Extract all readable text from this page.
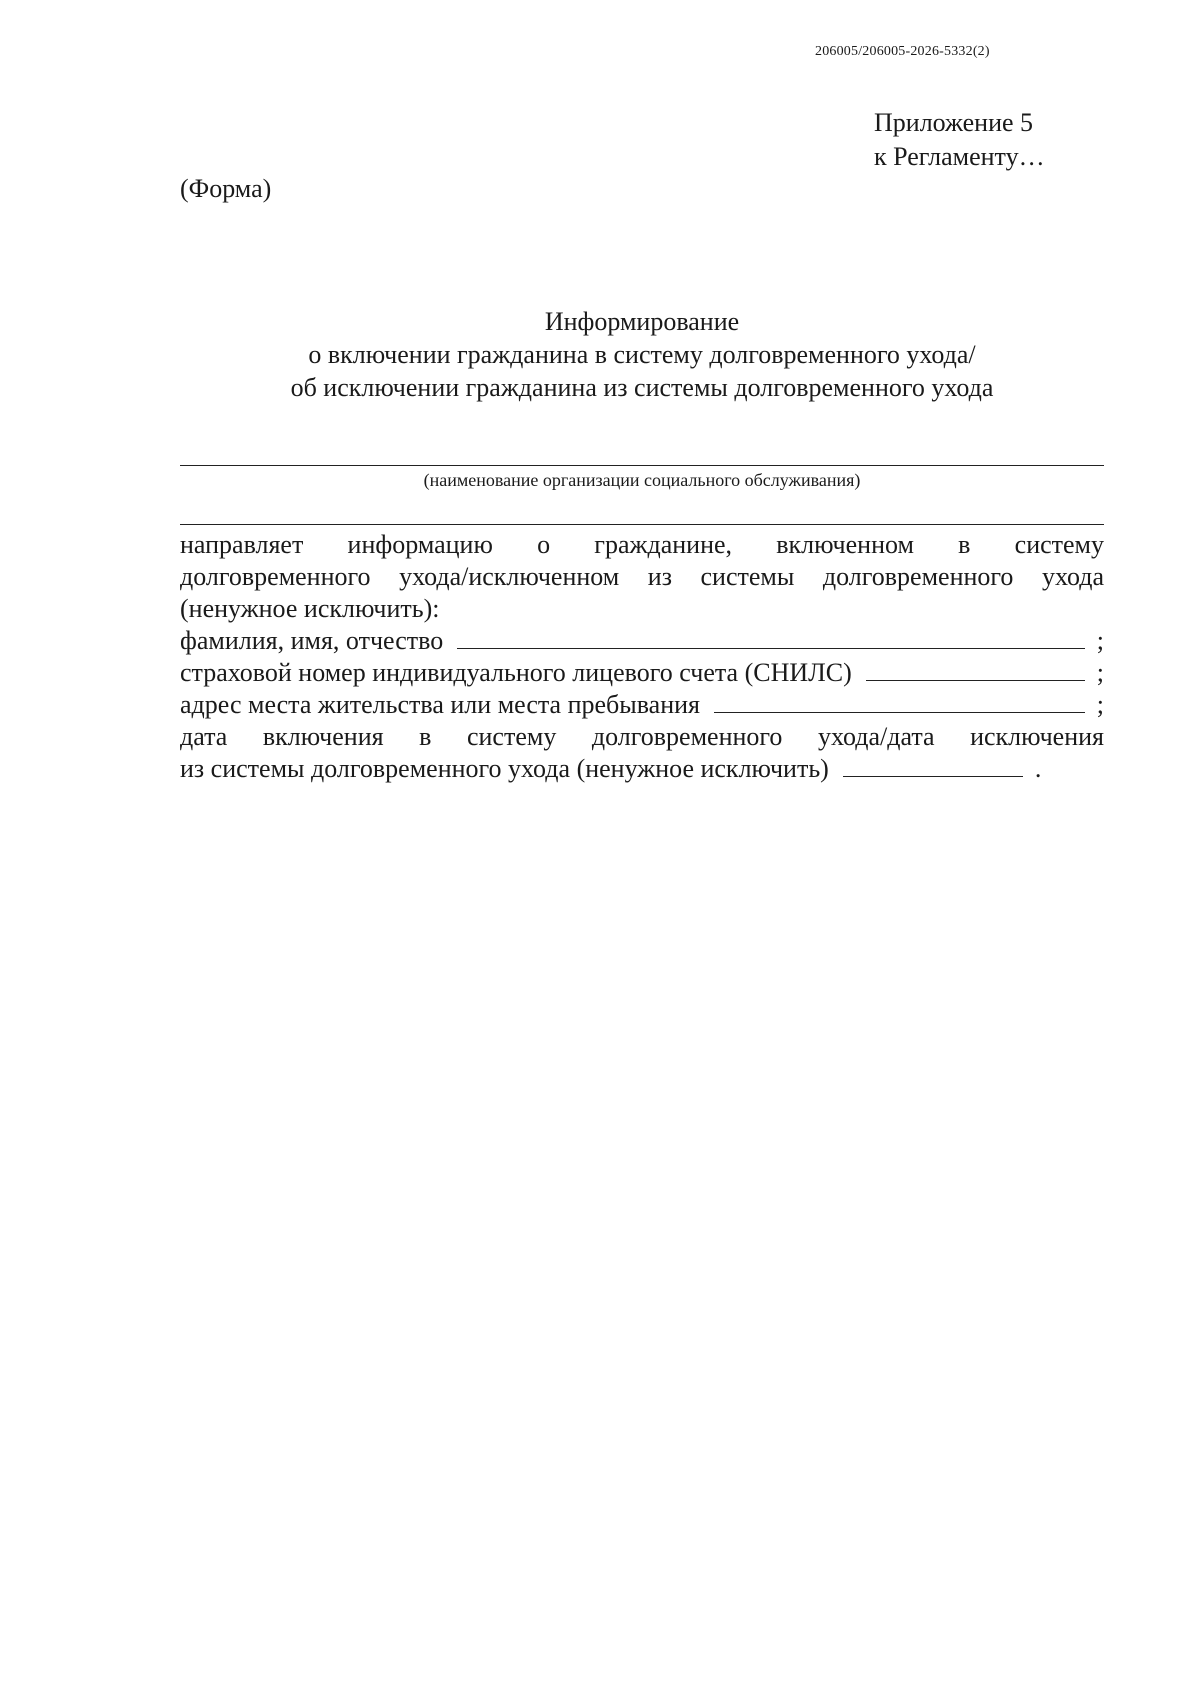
206005/206005-2026-5332(2)
Приложение 5
к Регламенту…
(Форма)
Информирование
о включении гражданина в систему долговременного ухода/
об исключении гражданина из системы долговременного ухода
(наименование организации социального обслуживания)
направляет информацию о гражданине, включенном в систему
долговременного ухода/исключенном из системы долговременного ухода
(ненужное исключить):
фамилия, имя, отчество	;
страховой номер индивидуального лицевого счета (СНИЛС)	;
адрес места жительства или места пребывания	;
дата включения в систему долговременного ухода/дата исключения
из системы долговременного ухода (ненужное исключить)	.
